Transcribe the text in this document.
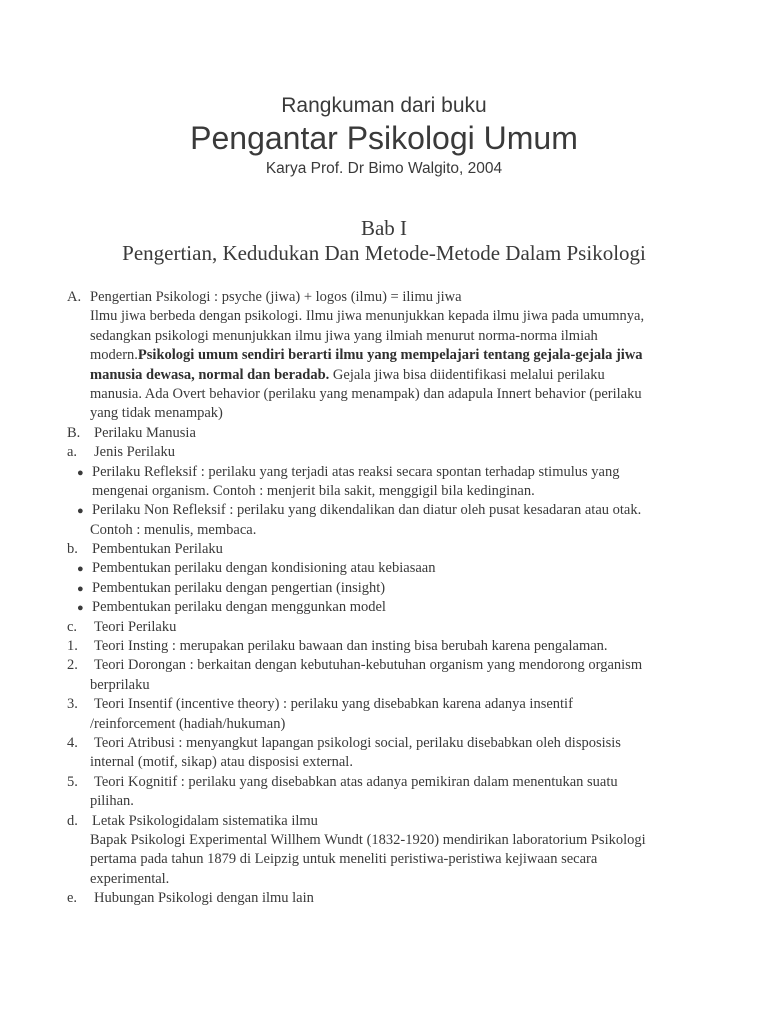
Rangkuman dari buku
Pengantar Psikologi Umum
Karya Prof. Dr Bimo Walgito, 2004
Bab I
Pengertian, Kedudukan Dan Metode-Metode Dalam Psikologi
A. Pengertian Psikologi : psyche (jiwa) + logos (ilmu) = ilimu jiwa
Ilmu jiwa berbeda dengan psikologi. Ilmu jiwa menunjukkan kepada ilmu jiwa pada umumnya,
sedangkan psikologi menunjukkan ilmu jiwa yang ilmiah menurut norma-norma ilmiah
modern.Psikologi umum sendiri berarti ilmu yang mempelajari tentang gejala-gejala jiwa
manusia dewasa, normal dan beradab. Gejala jiwa bisa diidentifikasi melalui perilaku
manusia. Ada Overt behavior (perilaku yang menampak) dan adapula Innert behavior (perilaku
yang tidak menampak)
B. Perilaku Manusia
a. Jenis Perilaku
● Perilaku Refleksif : perilaku yang terjadi atas reaksi secara spontan terhadap stimulus yang
mengenai organism. Contoh : menjerit bila sakit, menggigil bila kedinginan.
● Perilaku Non Refleksif : perilaku yang dikendalikan dan diatur oleh pusat kesadaran atau otak.
Contoh : menulis, membaca.
b. Pembentukan Perilaku
● Pembentukan perilaku dengan kondisioning atau kebiasaan
● Pembentukan perilaku dengan pengertian (insight)
● Pembentukan perilaku dengan menggunkan model
c. Teori Perilaku
1. Teori Insting : merupakan perilaku bawaan dan insting bisa berubah karena pengalaman.
2. Teori Dorongan : berkaitan dengan kebutuhan-kebutuhan organism yang mendorong organism
berprilaku
3. Teori Insentif (incentive theory) : perilaku yang disebabkan karena adanya insentif
/reinforcement (hadiah/hukuman)
4. Teori Atribusi : menyangkut lapangan psikologi social, perilaku disebabkan oleh disposisis
internal (motif, sikap) atau disposisi external.
5. Teori Kognitif : perilaku yang disebabkan atas adanya pemikiran dalam menentukan suatu
pilihan.
d. Letak Psikologidalam sistematika ilmu
Bapak Psikologi Experimental Willhem Wundt (1832-1920) mendirikan laboratorium Psikologi
pertama pada tahun 1879 di Leipzig untuk meneliti peristiwa-peristiwa kejiwaan secara
experimental.
e. Hubungan Psikologi dengan ilmu lain
